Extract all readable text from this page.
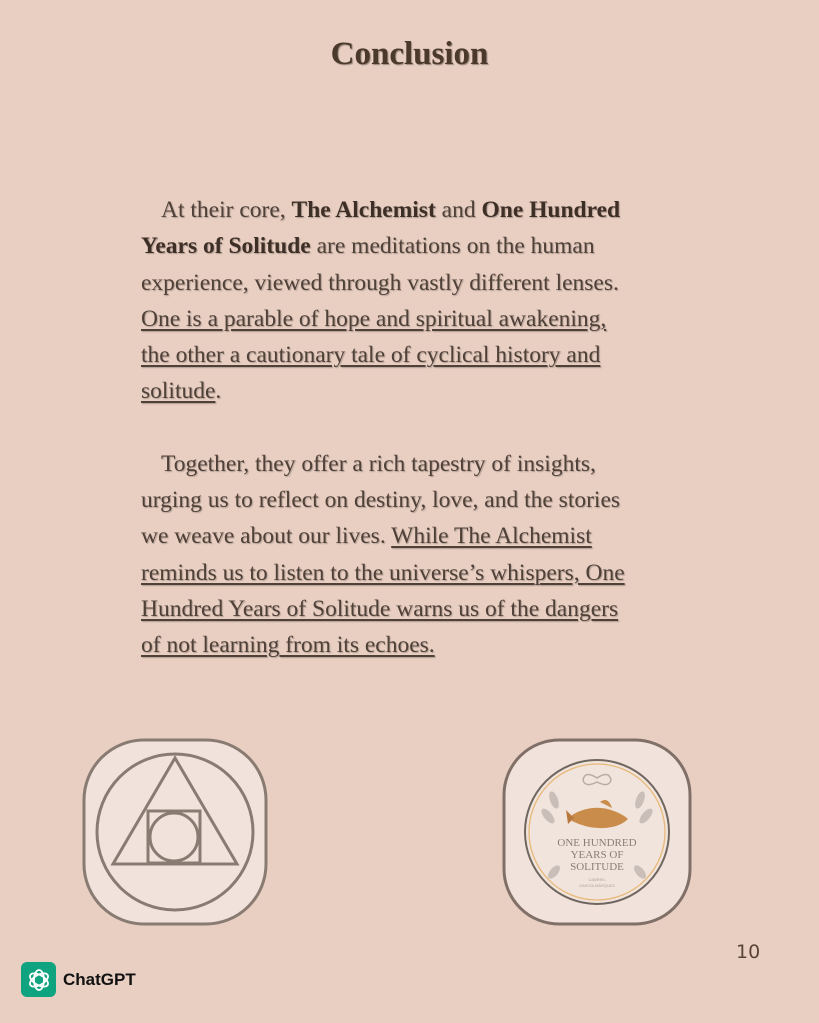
Conclusion
At their core, The Alchemist and One Hundred
Years of Solitude are meditations on the human
experience, viewed through vastly different lenses.
One is a parable of hope and spiritual awakening,
the other a cautionary tale of cyclical history and
solitude.
Together, they offer a rich tapestry of insights,
urging us to reflect on destiny, love, and the stories
we weave about our lives. While The Alchemist
reminds us to listen to the universe’s whispers, One
Hundred Years of Solitude warns us of the dangers
of not learning from its echoes.
ONE HUNDRED
YEARS OF
SOLITUDE
GABRIEL
GARCÍA MÁRQUEZ
10
ChatGPT
